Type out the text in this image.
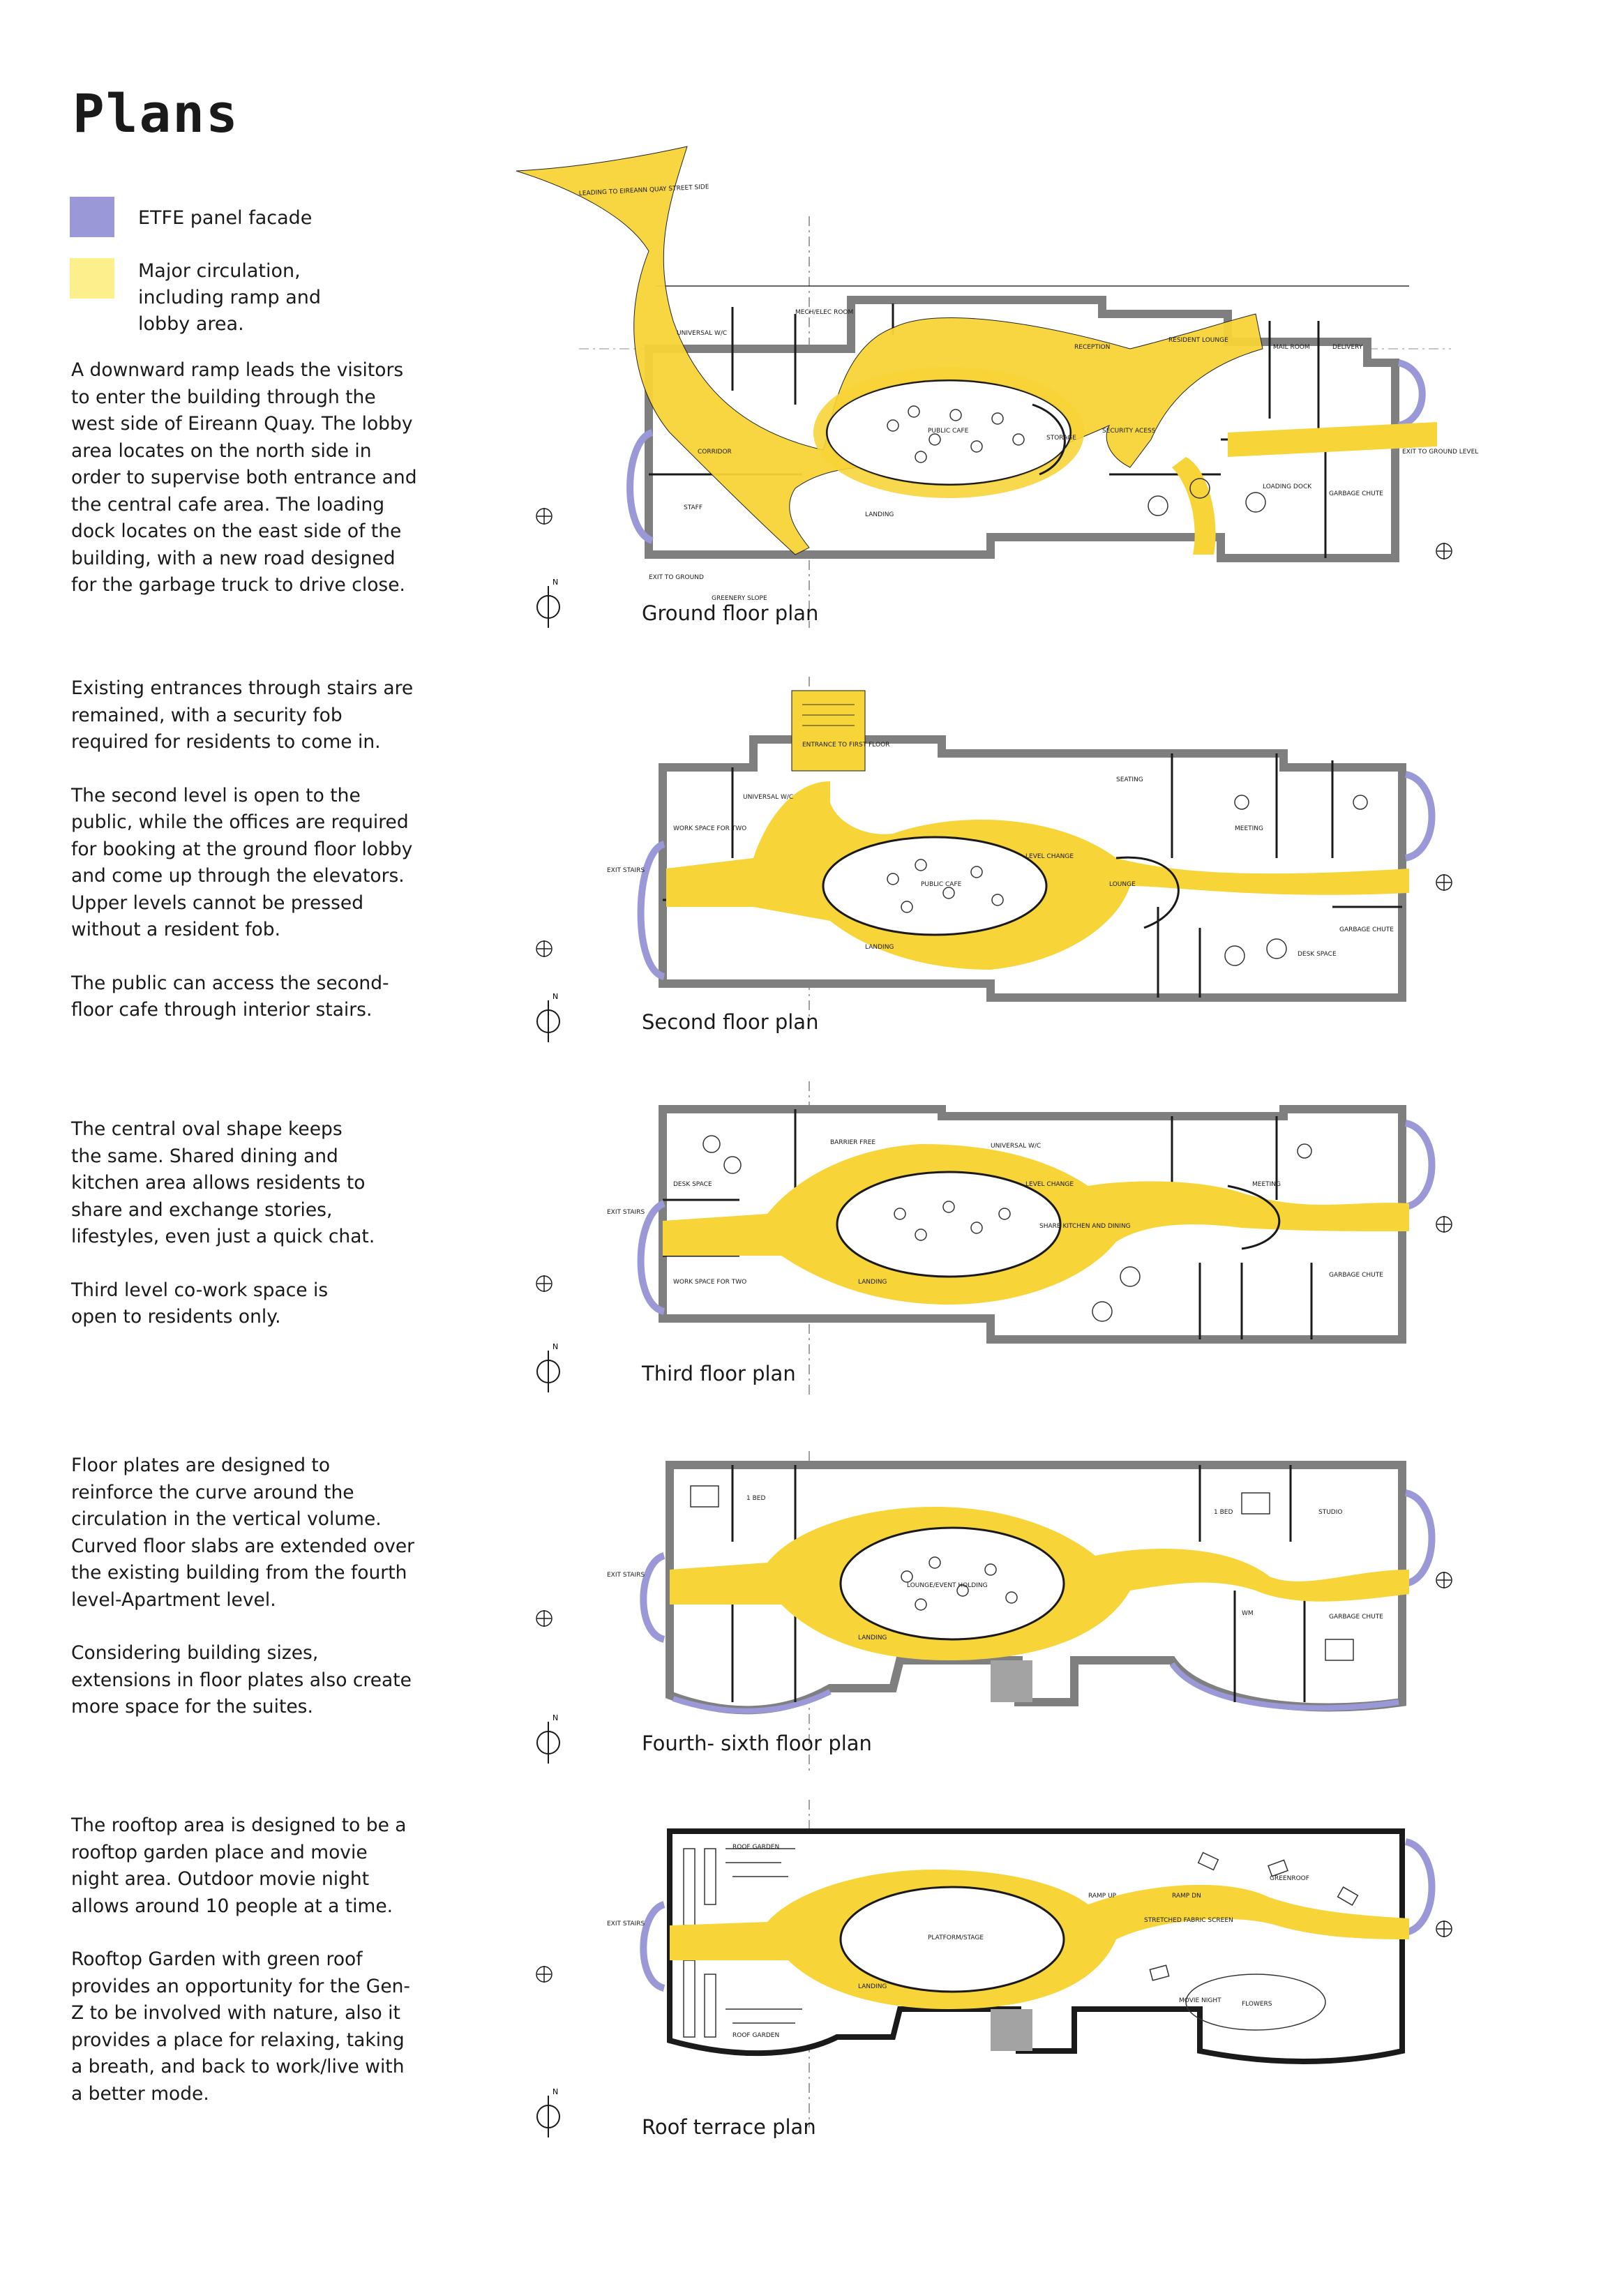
Plans
ETFE panel facade
Major circulation, including ramp and lobby area.

A downward ramp leads the visitors to enter the building through the west side of Eireann Quay. The lobby area locates on the north side in order to supervise both entrance and the central cafe area. The loading dock locates on the east side of the building, with a new road designed for the garbage truck to drive close.

Existing entrances through stairs are remained, with a security fob required for residents to come in.

The second level is open to the public, while the offices are required for booking at the ground floor lobby and come up through the elevators. Upper levels cannot be pressed without a resident fob.

The public can access the second-floor cafe through interior stairs.

The central oval shape keeps the same. Shared dining and kitchen area allows residents to share and exchange stories, lifestyles, even just a quick chat.

Third level co-work space is open to residents only.

Floor plates are designed to reinforce the curve around the circulation in the vertical volume. Curved floor slabs are extended over the existing building from the fourth level-Apartment level.

Considering building sizes, extensions in floor plates also create more space for the suites.

The rooftop area is designed to be a rooftop garden place and movie night area. Outdoor movie night allows around 10 people at a time.

Rooftop Garden with green roof provides an opportunity for the Gen-Z to be involved with nature, also it provides a place for relaxing, taking a breath, and back to work/live with a better mode.

LEADING TO EIREANN QUAY STREET SIDE
PUBLIC CAFE
RECEPTION
RESIDENT LOUNGE
MAIL ROOM	DELIVERY
LOADING DOCK
STAFF
CORRIDOR
LANDING
STORAGE
UNIVERSAL W/C
SECURITY ACESS
GARBAGE CHUTE
EXIT TO GROUND
EXIT TO GROUND LEVEL
GREENERY SLOPE
MECH/ELEC ROOM
Ground floor plan
N
ENTRANCE TO FIRST FLOOR
PUBLIC CAFE
SEATING
MEETING
LOUNGE
DESK SPACE
WORK SPACE FOR TWO
LEVEL CHANGE
EXIT STAIRS
UNIVERSAL W/C
GARBAGE CHUTE
LANDING
Second floor plan
N
SHARE KITCHEN AND DINING
DESK SPACE	MEETING
WORK SPACE FOR TWO
BARRIER FREE
LEVEL CHANGE
EXIT STAIRS
UNIVERSAL W/C
LANDING
GARBAGE CHUTE
Third floor plan
N
LOUNGE/EVENT HOLDING
1 BED
1 BED	STUDIO
LANDING
EXIT STAIRS
WM	GARBAGE CHUTE
Fourth- sixth floor plan
N
ROOF GARDEN
ROOF GARDEN
PLATFORM/STAGE
GREENROOF
MOVIE NIGHT	FLOWERS
STRETCHED FABRIC SCREEN
RAMP UP	RAMP DN
LANDING
EXIT STAIRS
Roof terrace plan
N
